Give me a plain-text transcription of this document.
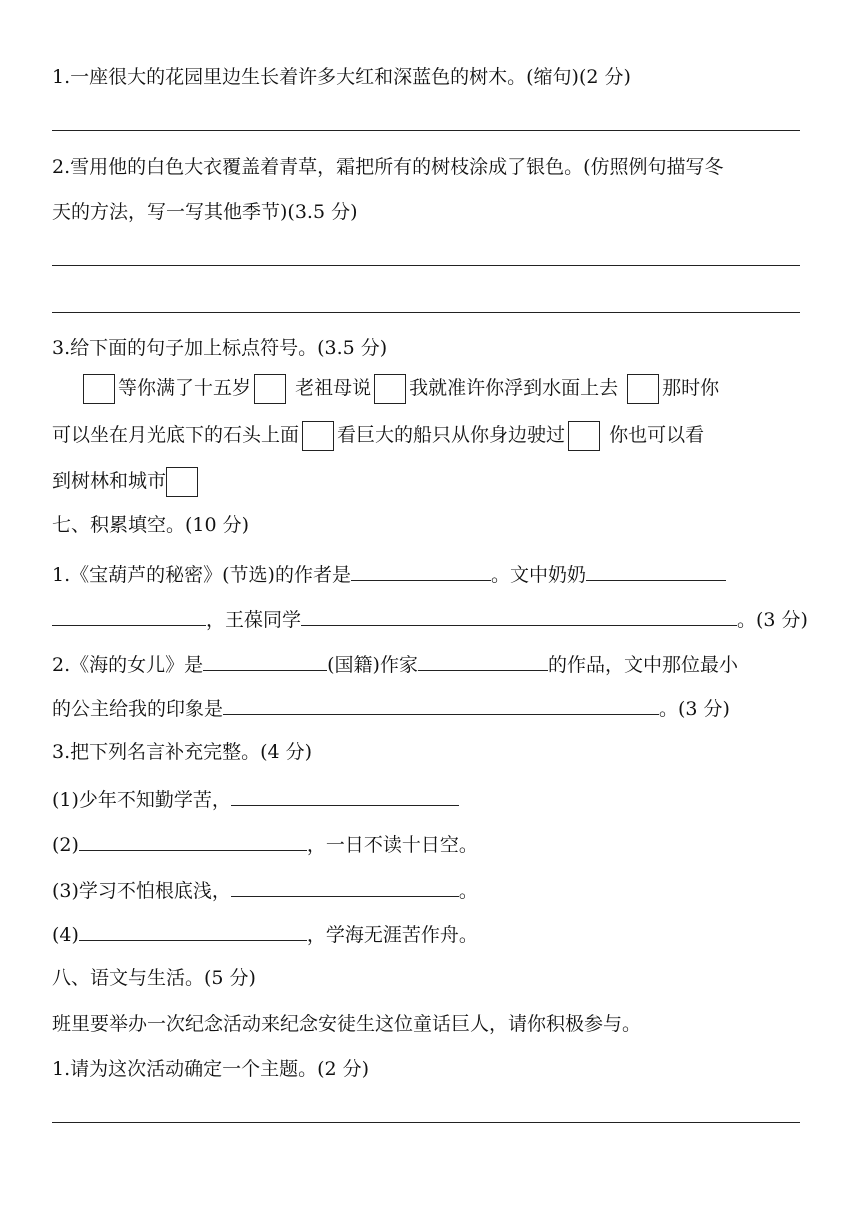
1.一座很大的花园里边生长着许多大红和深蓝色的树木。(缩句)(2 分)
2.雪用他的白色大衣覆盖着青草，霜把所有的树枝涂成了银色。(仿照例句描写冬
天的方法，写一写其他季节)(3.5 分)
3.给下面的句子加上标点符号。(3.5 分)
等你满了十五岁 老祖母说 我就准许你浮到水面上去 那时你
可以坐在月光底下的石头上面 看巨大的船只从你身边驶过 你也可以看
到树林和城市
七、积累填空。(10 分)
1.《宝葫芦的秘密》(节选)的作者是	。文中奶奶
，王葆同学	。(3 分)
2.《海的女儿》是	(国籍)作家	的作品，文中那位最小
的公主给我的印象是	。(3 分)
3.把下列名言补充完整。(4 分)
(1)少年不知勤学苦，
(2)	，一日不读十日空。
(3)学习不怕根底浅，	。
(4)	，学海无涯苦作舟。
八、语文与生活。(5 分)
班里要举办一次纪念活动来纪念安徒生这位童话巨人，请你积极参与。
1.请为这次活动确定一个主题。(2 分)
